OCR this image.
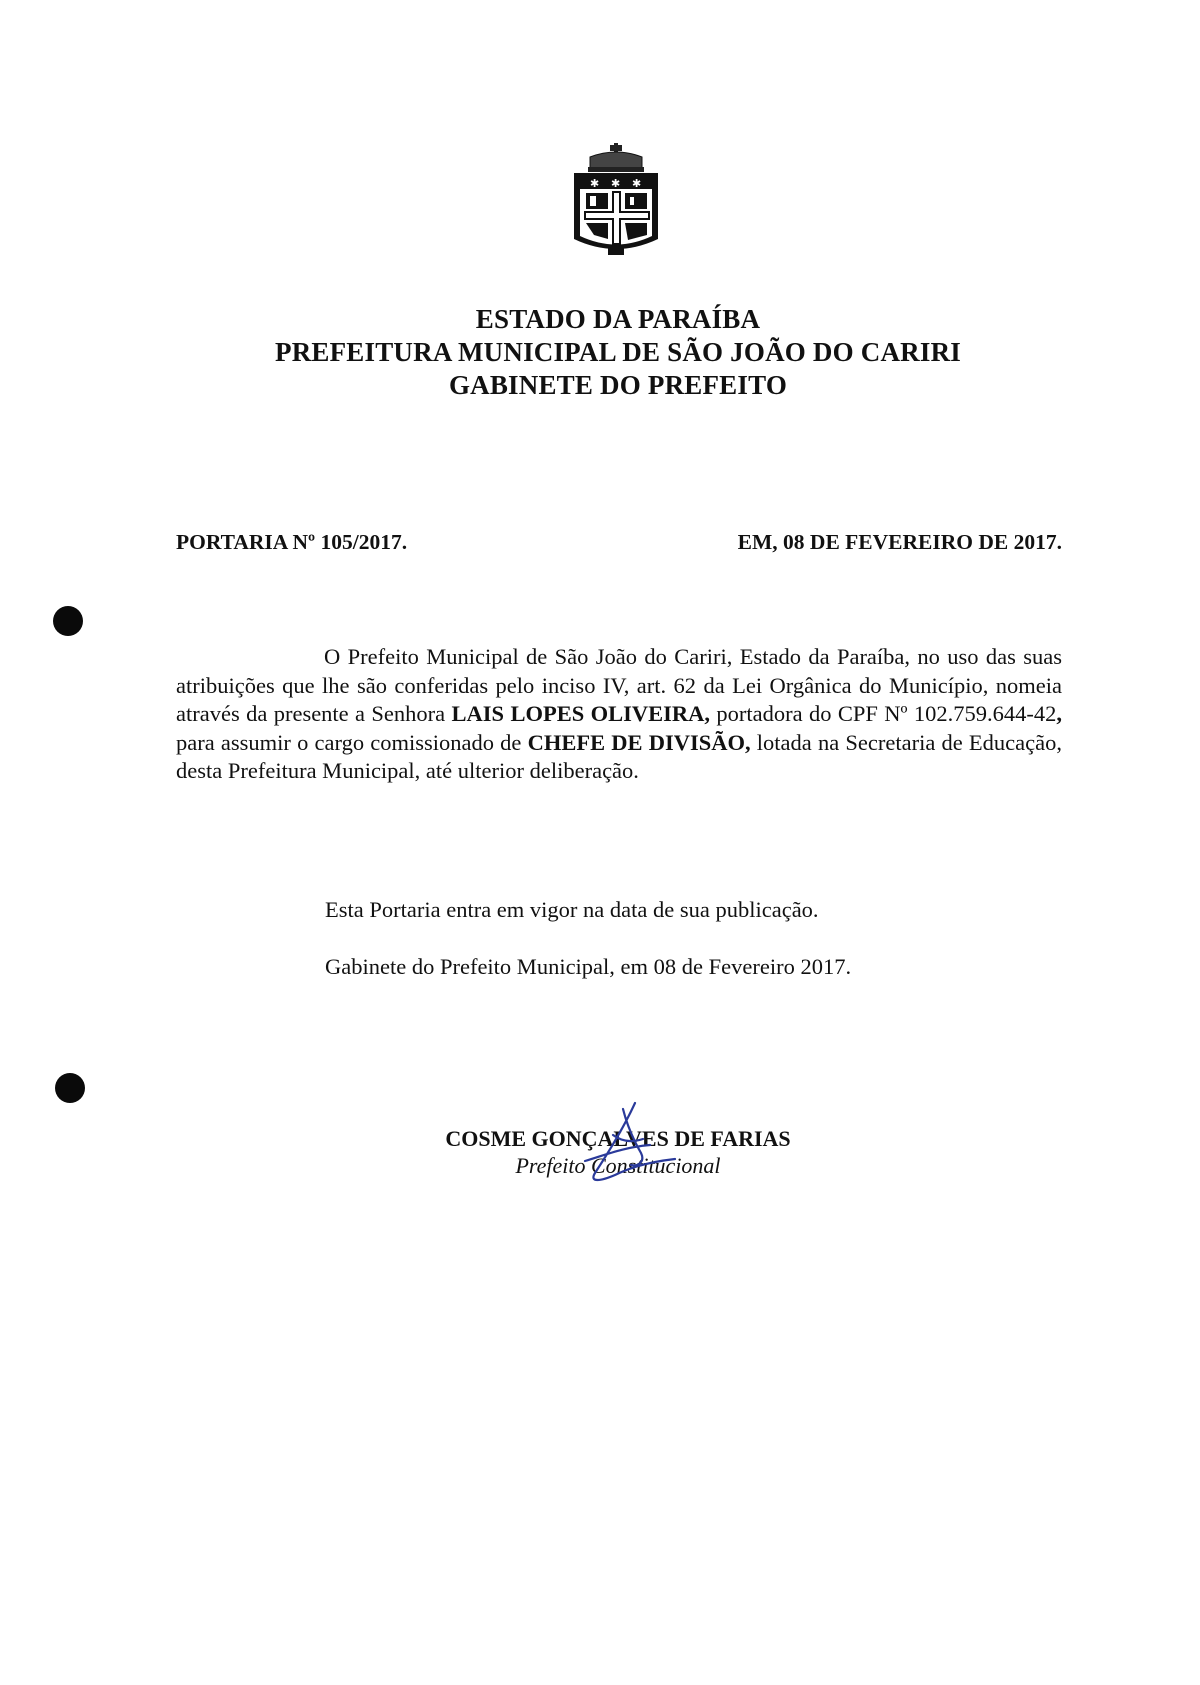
✱ ✱ ✱
ESTADO DA PARAÍBA
PREFEITURA MUNICIPAL DE SÃO JOÃO DO CARIRI
GABINETE DO PREFEITO
PORTARIA Nº 105/2017.	EM, 08 DE FEVEREIRO DE 2017.
O Prefeito Municipal de São João do Cariri, Estado da Paraíba, no uso das suas atribuições que lhe são conferidas pelo inciso IV, art. 62 da Lei Orgânica do Município, nomeia através da presente a Senhora LAIS LOPES OLIVEIRA, portadora do CPF Nº 102.759.644-42, para assumir o cargo comissionado de CHEFE DE DIVISÃO, lotada na Secretaria de Educação, desta Prefeitura Municipal, até ulterior deliberação.
Esta Portaria entra em vigor na data de sua publicação.
Gabinete do Prefeito Municipal, em 08 de Fevereiro 2017.
COSME GONÇALVES DE FARIAS
Prefeito Constitucional
